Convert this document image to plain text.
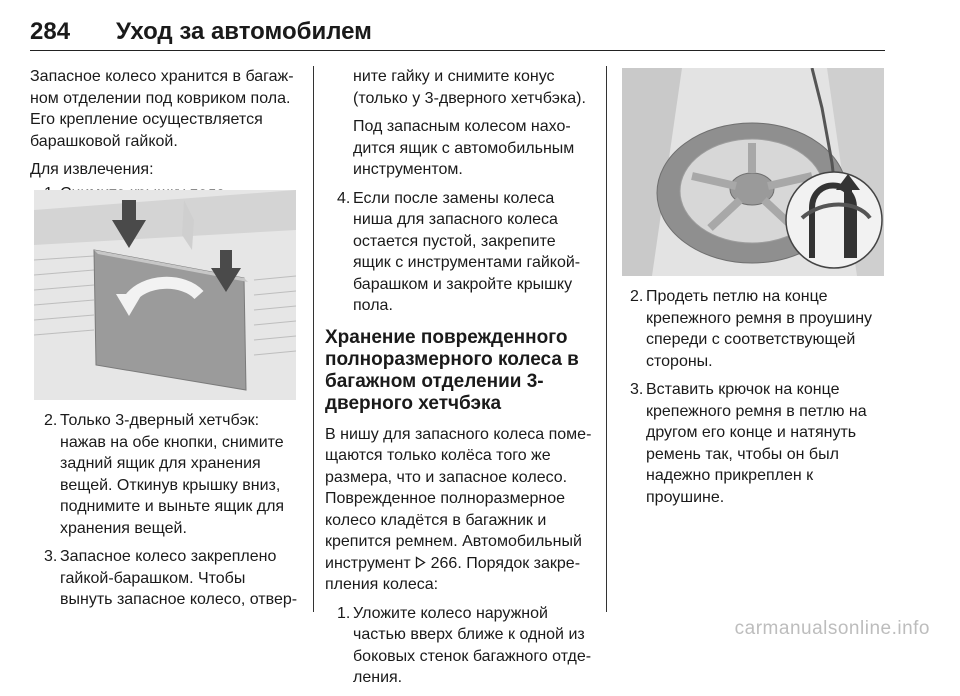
284 Уход за автомобилем

Запасное колесо хранится в багаж-ном отделении под ковриком пола. Его крепление осуществляется барашковой гайкой.

Для извлечения:

2. Только 3-дверный хетчбэк: нажав на обе кнопки, снимите задний ящик для хранения вещей. Откинув крышку вниз, поднимите и выньте ящик для хранения вещей.
3. Запасное колесо закреплено гайкой-барашком. Чтобы вынуть запасное колесо, отвер-

ните гайку и снимите конус (только у 3-дверного хетчбэка).

Под запасным колесом нахо-дится ящик с автомобильным инструментом.

4. Если после замены колеса ниша для запасного колеса остается пустой, закрепите ящик с инструментами гайкой-барашком и закройте крышку пола.
Хранение поврежденного полноразмерного колеса в багажном отделении 3-дверного хетчбэка

В нишу для запасного колеса поме-щаются только колёса того же размера, что и запасное колесо. Поврежденное полноразмерное колесо кладётся в багажник и крепится ремнем. Автомобильный инструмент 266. Порядок закре-пления колеса:

1. Уложите колесо наружной частью вверх ближе к одной из боковых стенок багажного отде-ления.
2. Продеть петлю на конце крепежного ремня в проушину спереди с соответствующей стороны.
3. Вставить крючок на конце крепежного ремня в петлю на другом его конце и натянуть ремень так, чтобы он был надежно прикреплен к проушине.
carmanualsonline.info
